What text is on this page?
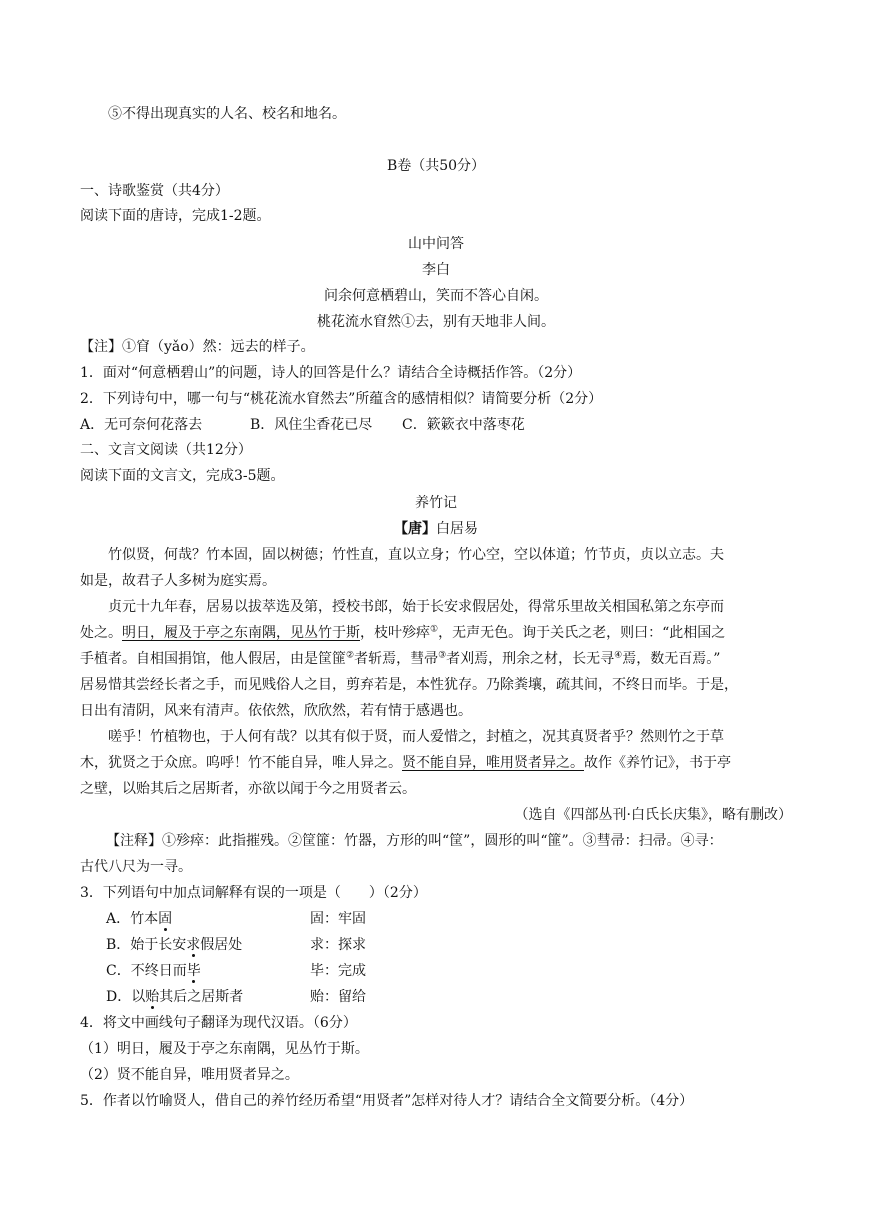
⑤不得出现真实的人名、校名和地名。
B卷（共50分）
一、诗歌鉴赏（共4分）
阅读下面的唐诗，完成1-2题。
山中问答
李白
问余何意栖碧山，笑而不答心自闲。
桃花流水窅然①去，别有天地非人间。
【注】①窅（yǎo）然：远去的样子。
1．面对“何意栖碧山”的问题，诗人的回答是什么？请结合全诗概括作答。（2分）
2．下列诗句中，哪一句与“桃花流水窅然去”所蕴含的感情相似？请简要分析（2分）
A．无可奈何花落去	B．风住尘香花已尽 C．簌簌衣中落枣花
二、文言文阅读（共12分）
阅读下面的文言文，完成3-5题。
养竹记
【唐】白居易
竹似贤，何哉？竹本固，固以树德；竹性直，直以立身；竹心空，空以体道；竹节贞，贞以立志。夫
如是，故君子人多树为庭实焉。
贞元十九年春，居易以拔萃选及第，授校书郎，始于长安求假居处，得常乐里故关相国私第之东亭而
处之。明日，履及于亭之东南隅，见丛竹于斯，枝叶殄瘁①，无声无色。询于关氏之老，则曰：“此相国之
手植者。自相国捐馆，他人假居，由是筐篚②者斩焉，彗帚③者刈焉，刑余之材，长无寻④焉，数无百焉。”
居易惜其尝经长者之手，而见贱俗人之目，剪弃若是，本性犹存。乃除粪壤，疏其间，不终日而毕。于是，
日出有清阴，风来有清声。依依然，欣欣然，若有情于感遇也。
嗟乎！竹植物也，于人何有哉？以其有似于贤，而人爱惜之，封植之，况其真贤者乎？然则竹之于草
木，犹贤之于众庶。呜呼！竹不能自异，唯人异之。贤不能自异，唯用贤者异之。故作《养竹记》，书于亭
之壁，以贻其后之居斯者，亦欲以闻于今之用贤者云。
（选自《四部丛刊·白氏长庆集》，略有删改）
【注释】①殄瘁：此指摧残。②筐篚：竹器，方形的叫“筐”，圆形的叫“篚”。③彗帚：扫帚。④寻：
古代八尺为一寻。
3．下列语句中加点词解释有误的一项是（　　）（2分）
A．竹本固	固：牢固
B．始于长安求假居处	求：探求
C．不终日而毕	毕：完成
D．以贻其后之居斯者	贻：留给
4．将文中画线句子翻译为现代汉语。（6分）
（1）明日，履及于亭之东南隅，见丛竹于斯。
（2）贤不能自异，唯用贤者异之。
5．作者以竹喻贤人，借自己的养竹经历希望“用贤者”怎样对待人才？请结合全文简要分析。（4分）
